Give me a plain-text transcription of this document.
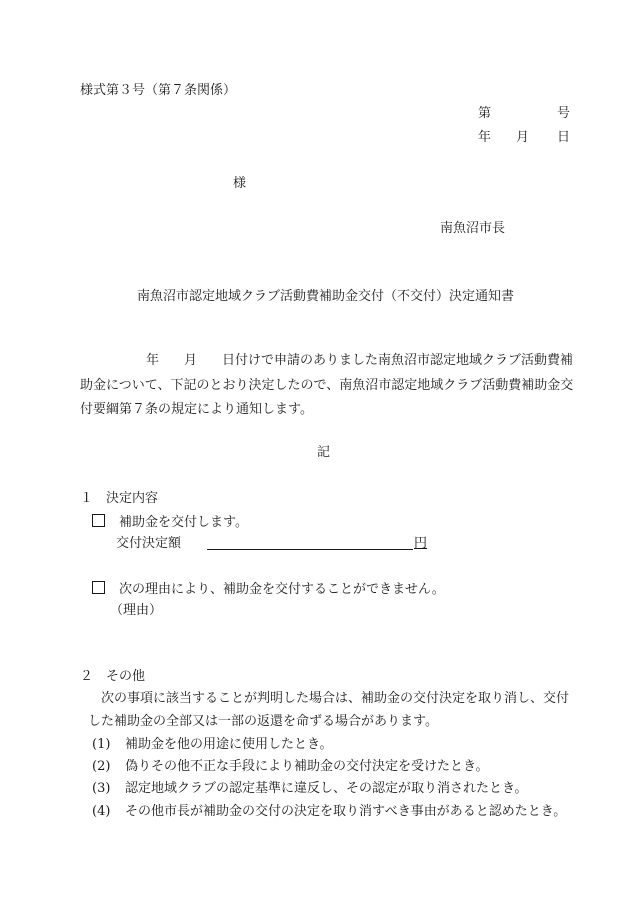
様式第３号（第７条関係）
第	号
年 月 日
様
南魚沼市長
南魚沼市認定地域クラブ活動費補助金交付（不交付）決定通知書
年 月 日付けで申請のありました南魚沼市認定地域クラブ活動費補
助金について、下記のとおり決定したので、南魚沼市認定地域クラブ活動費補助金交
付要綱第７条の規定により通知します。
記
１　決定内容
補助金を交付します。
交付決定額	円
次の理由により、補助金を交付することができません。
（理由）
２　その他
次の事項に該当することが判明した場合は、補助金の交付決定を取り消し、交付
した補助金の全部又は一部の返還を命ずる場合があります。
(1) 補助金を他の用途に使用したとき。
(2) 偽りその他不正な手段により補助金の交付決定を受けたとき。
(3) 認定地域クラブの認定基準に違反し、その認定が取り消されたとき。
(4) その他市長が補助金の交付の決定を取り消すべき事由があると認めたとき。
